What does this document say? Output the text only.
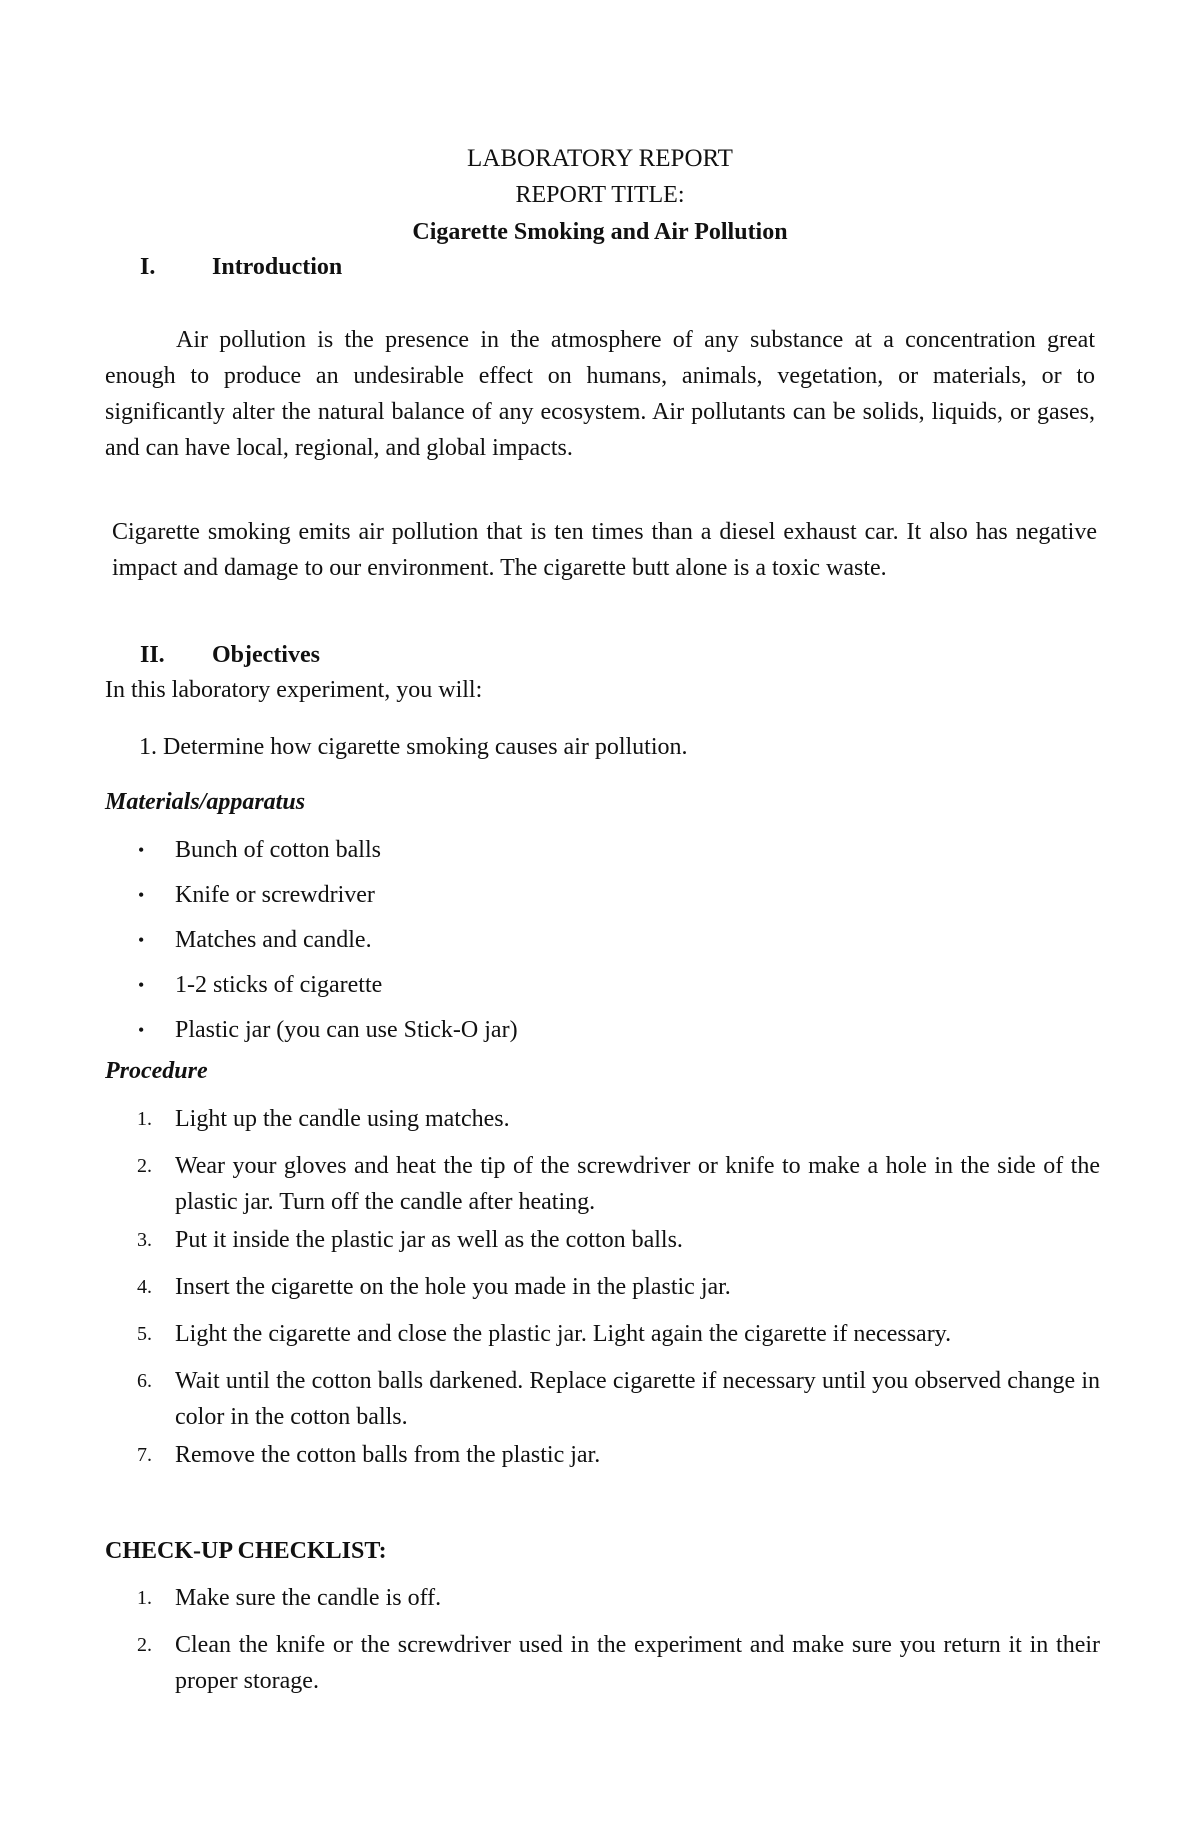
LABORATORY REPORT
REPORT TITLE:
Cigarette Smoking and Air Pollution
I. Introduction
Air pollution is the presence in the atmosphere of any substance at a concentration great enough to produce an undesirable effect on humans, animals, vegetation, or materials, or to significantly alter the natural balance of any ecosystem. Air pollutants can be solids, liquids, or gases, and can have local, regional, and global impacts.
Cigarette smoking emits air pollution that is ten times than a diesel exhaust car. It also has negative impact and damage to our environment. The cigarette butt alone is a toxic waste.
II. Objectives
In this laboratory experiment, you will:
1. Determine how cigarette smoking causes air pollution.
Materials/apparatus
• Bunch of cotton balls
• Knife or screwdriver
• Matches and candle.
• 1-2 sticks of cigarette
• Plastic jar (you can use Stick-O jar)
Procedure
1. Light up the candle using matches.
2. Wear your gloves and heat the tip of the screwdriver or knife to make a hole in the side of the plastic jar. Turn off the candle after heating.
3. Put it inside the plastic jar as well as the cotton balls.
4. Insert the cigarette on the hole you made in the plastic jar.
5. Light the cigarette and close the plastic jar. Light again the cigarette if necessary.
6. Wait until the cotton balls darkened. Replace cigarette if necessary until you observed change in color in the cotton balls.
7. Remove the cotton balls from the plastic jar.
CHECK-UP CHECKLIST:
1. Make sure the candle is off.
2. Clean the knife or the screwdriver used in the experiment and make sure you return it in their proper storage.
